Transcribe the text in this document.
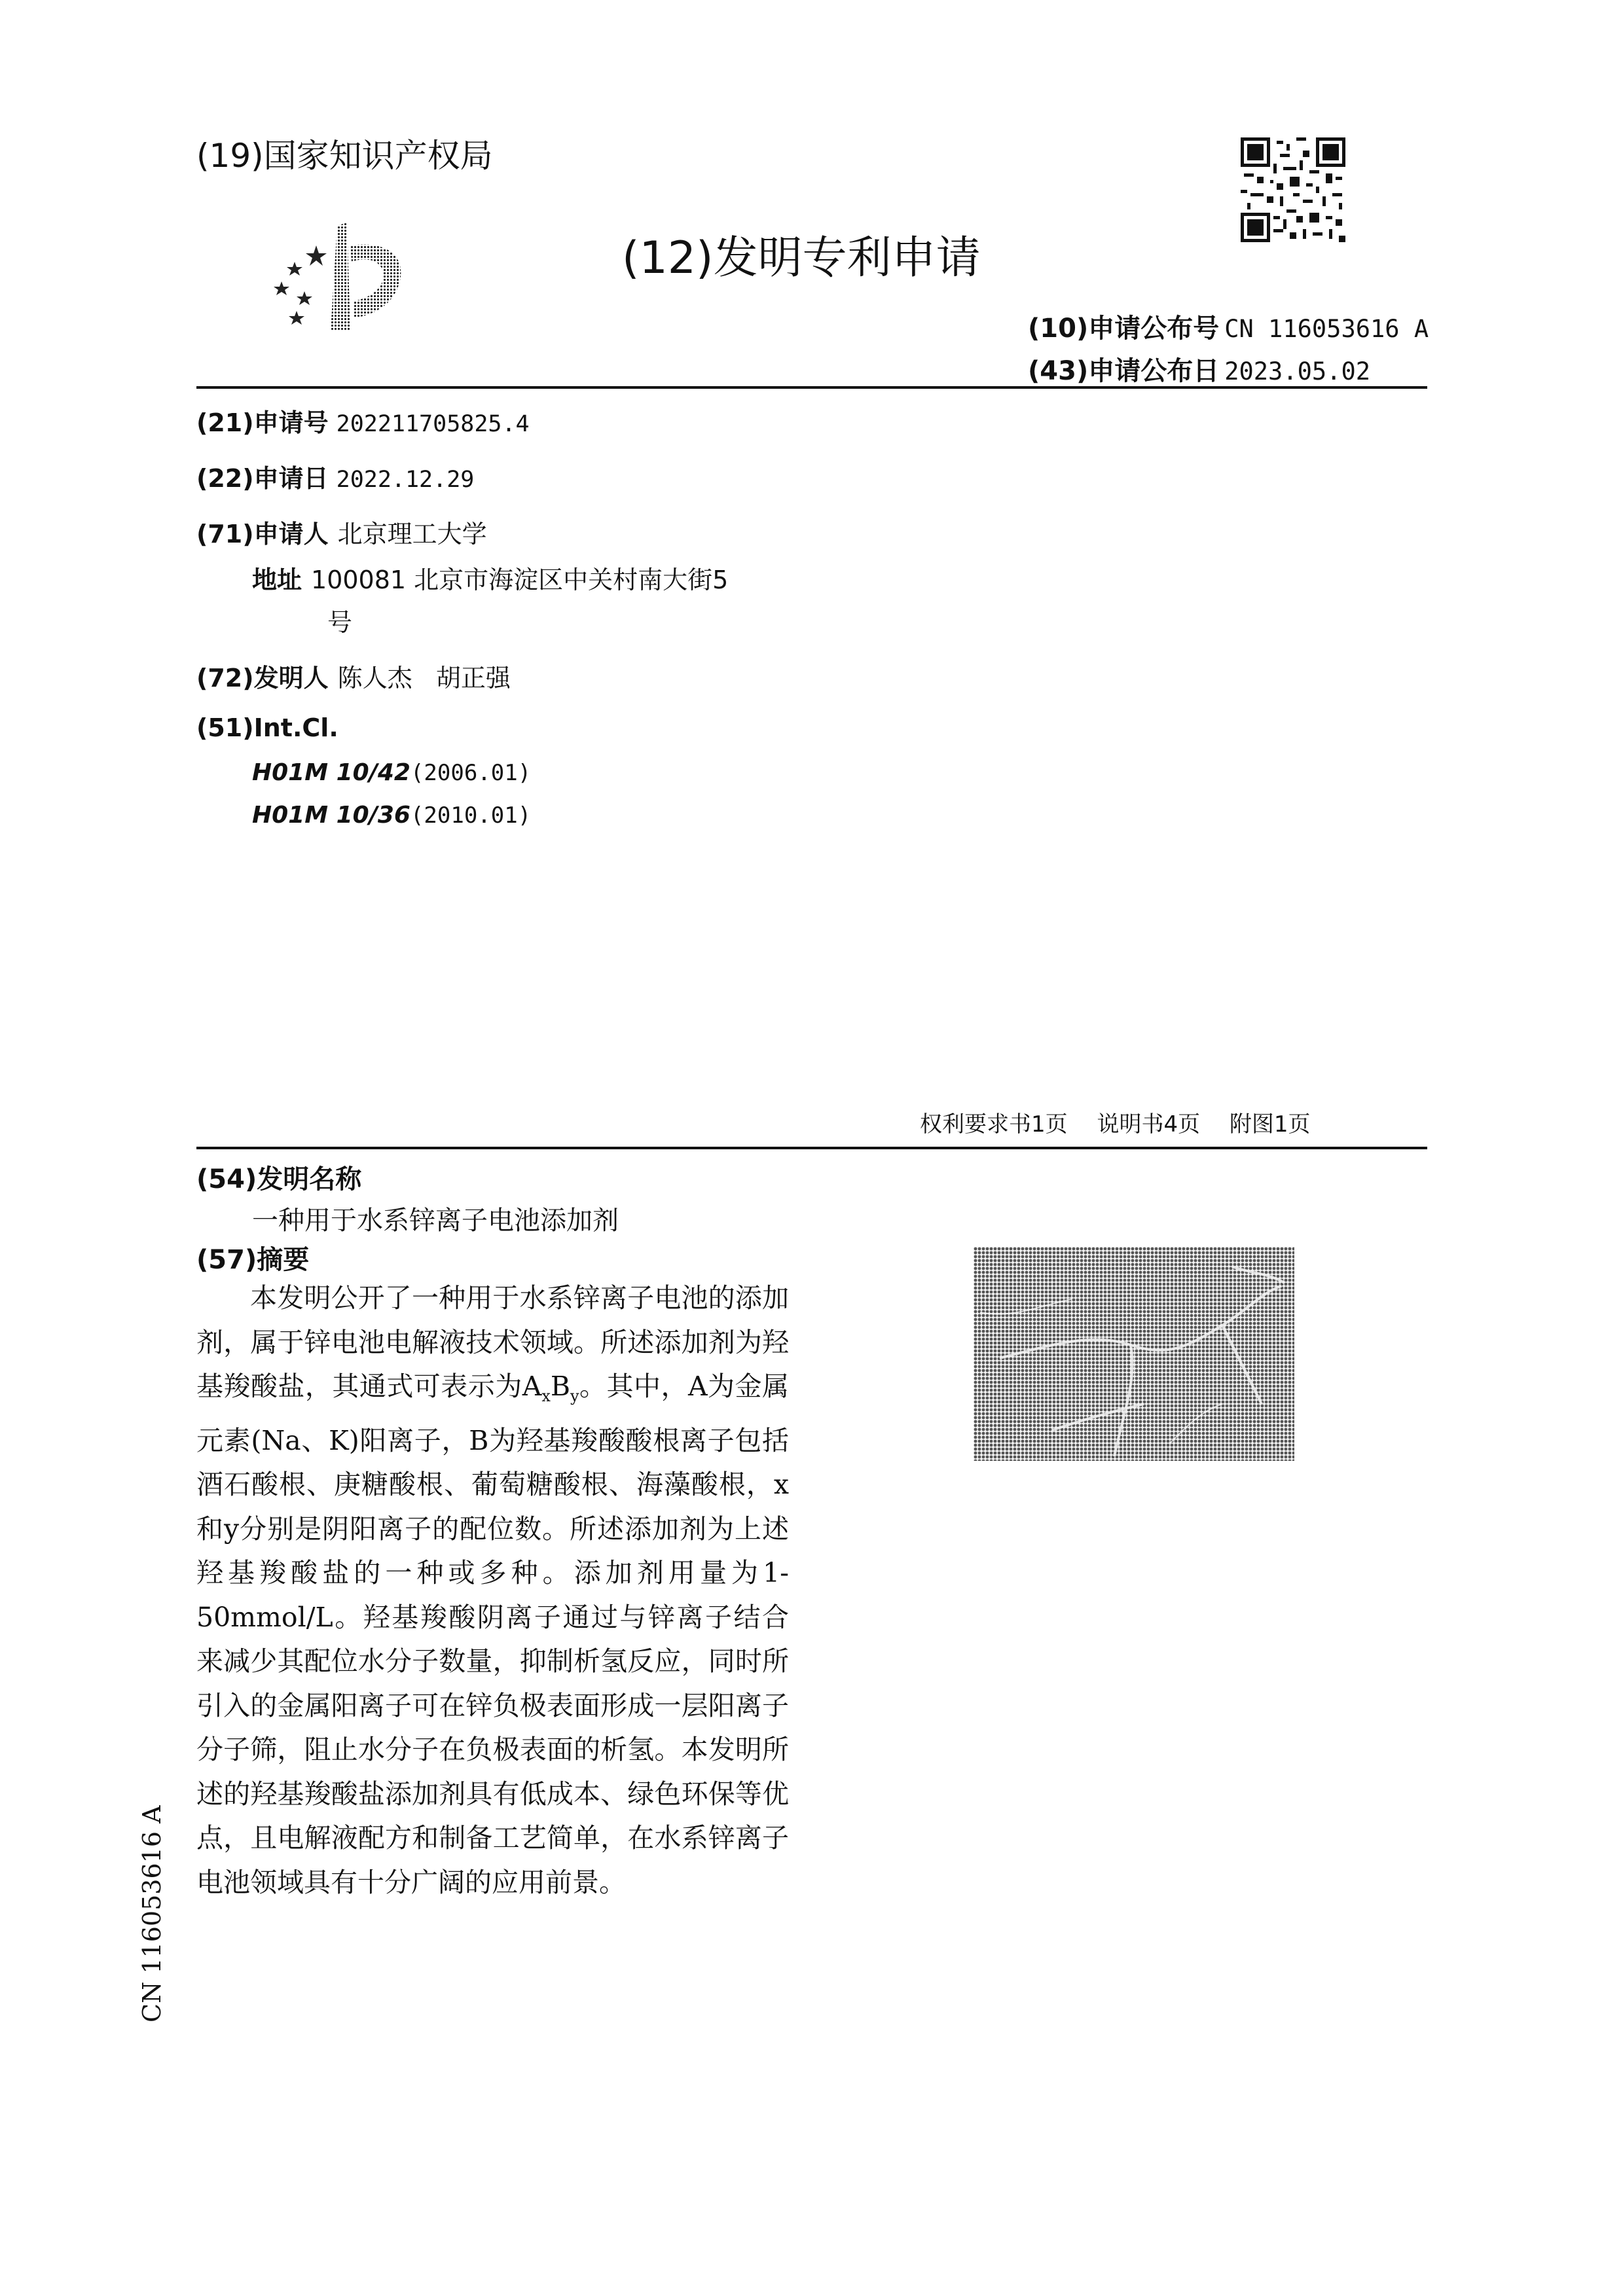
(19)国家知识产权局
(12)发明专利申请
(10)申请公布号 CN 116053616 A
(43)申请公布日 2023.05.02
(21)申请号 202211705825.4
(22)申请日 2022.12.29
(71)申请人 北京理工大学
地址 100081 北京市海淀区中关村南大街5
号
(72)发明人 陈人杰   胡正强
(51)Int.Cl.
H01M 10/42(2006.01)
H01M 10/36(2010.01)
权利要求书1页 说明书4页 附图1页
(54)发明名称
一种用于水系锌离子电池添加剂
(57)摘要

本发明公开了一种用于水系锌离子电池的添加剂，属于锌电池电解液技术领域。所述添加剂为羟基羧酸盐，其通式可表示为$A_xB_y$。其中，A为金属元素(Na、K)阳离子，B为羟基羧酸酸根离子包括酒石酸根、庚糖酸根、葡萄糖酸根、海藻酸根，x和y分别是阴阳离子的配位数。所述添加剂为上述羟基羧酸盐的一种或多种。添加剂用量为1-50mmol/L。羟基羧酸阴离子通过与锌离子结合来减少其配位水分子数量，抑制析氢反应，同时所引入的金属阳离子可在锌负极表面形成一层阳离子分子筛，阻止水分子在负极表面的析氢。本发明所述的羟基羧酸盐添加剂具有低成本、绿色环保等优点，且电解液配方和制备工艺简单，在水系锌离子电池领域具有十分广阔的应用前景。

CN 116053616 A
